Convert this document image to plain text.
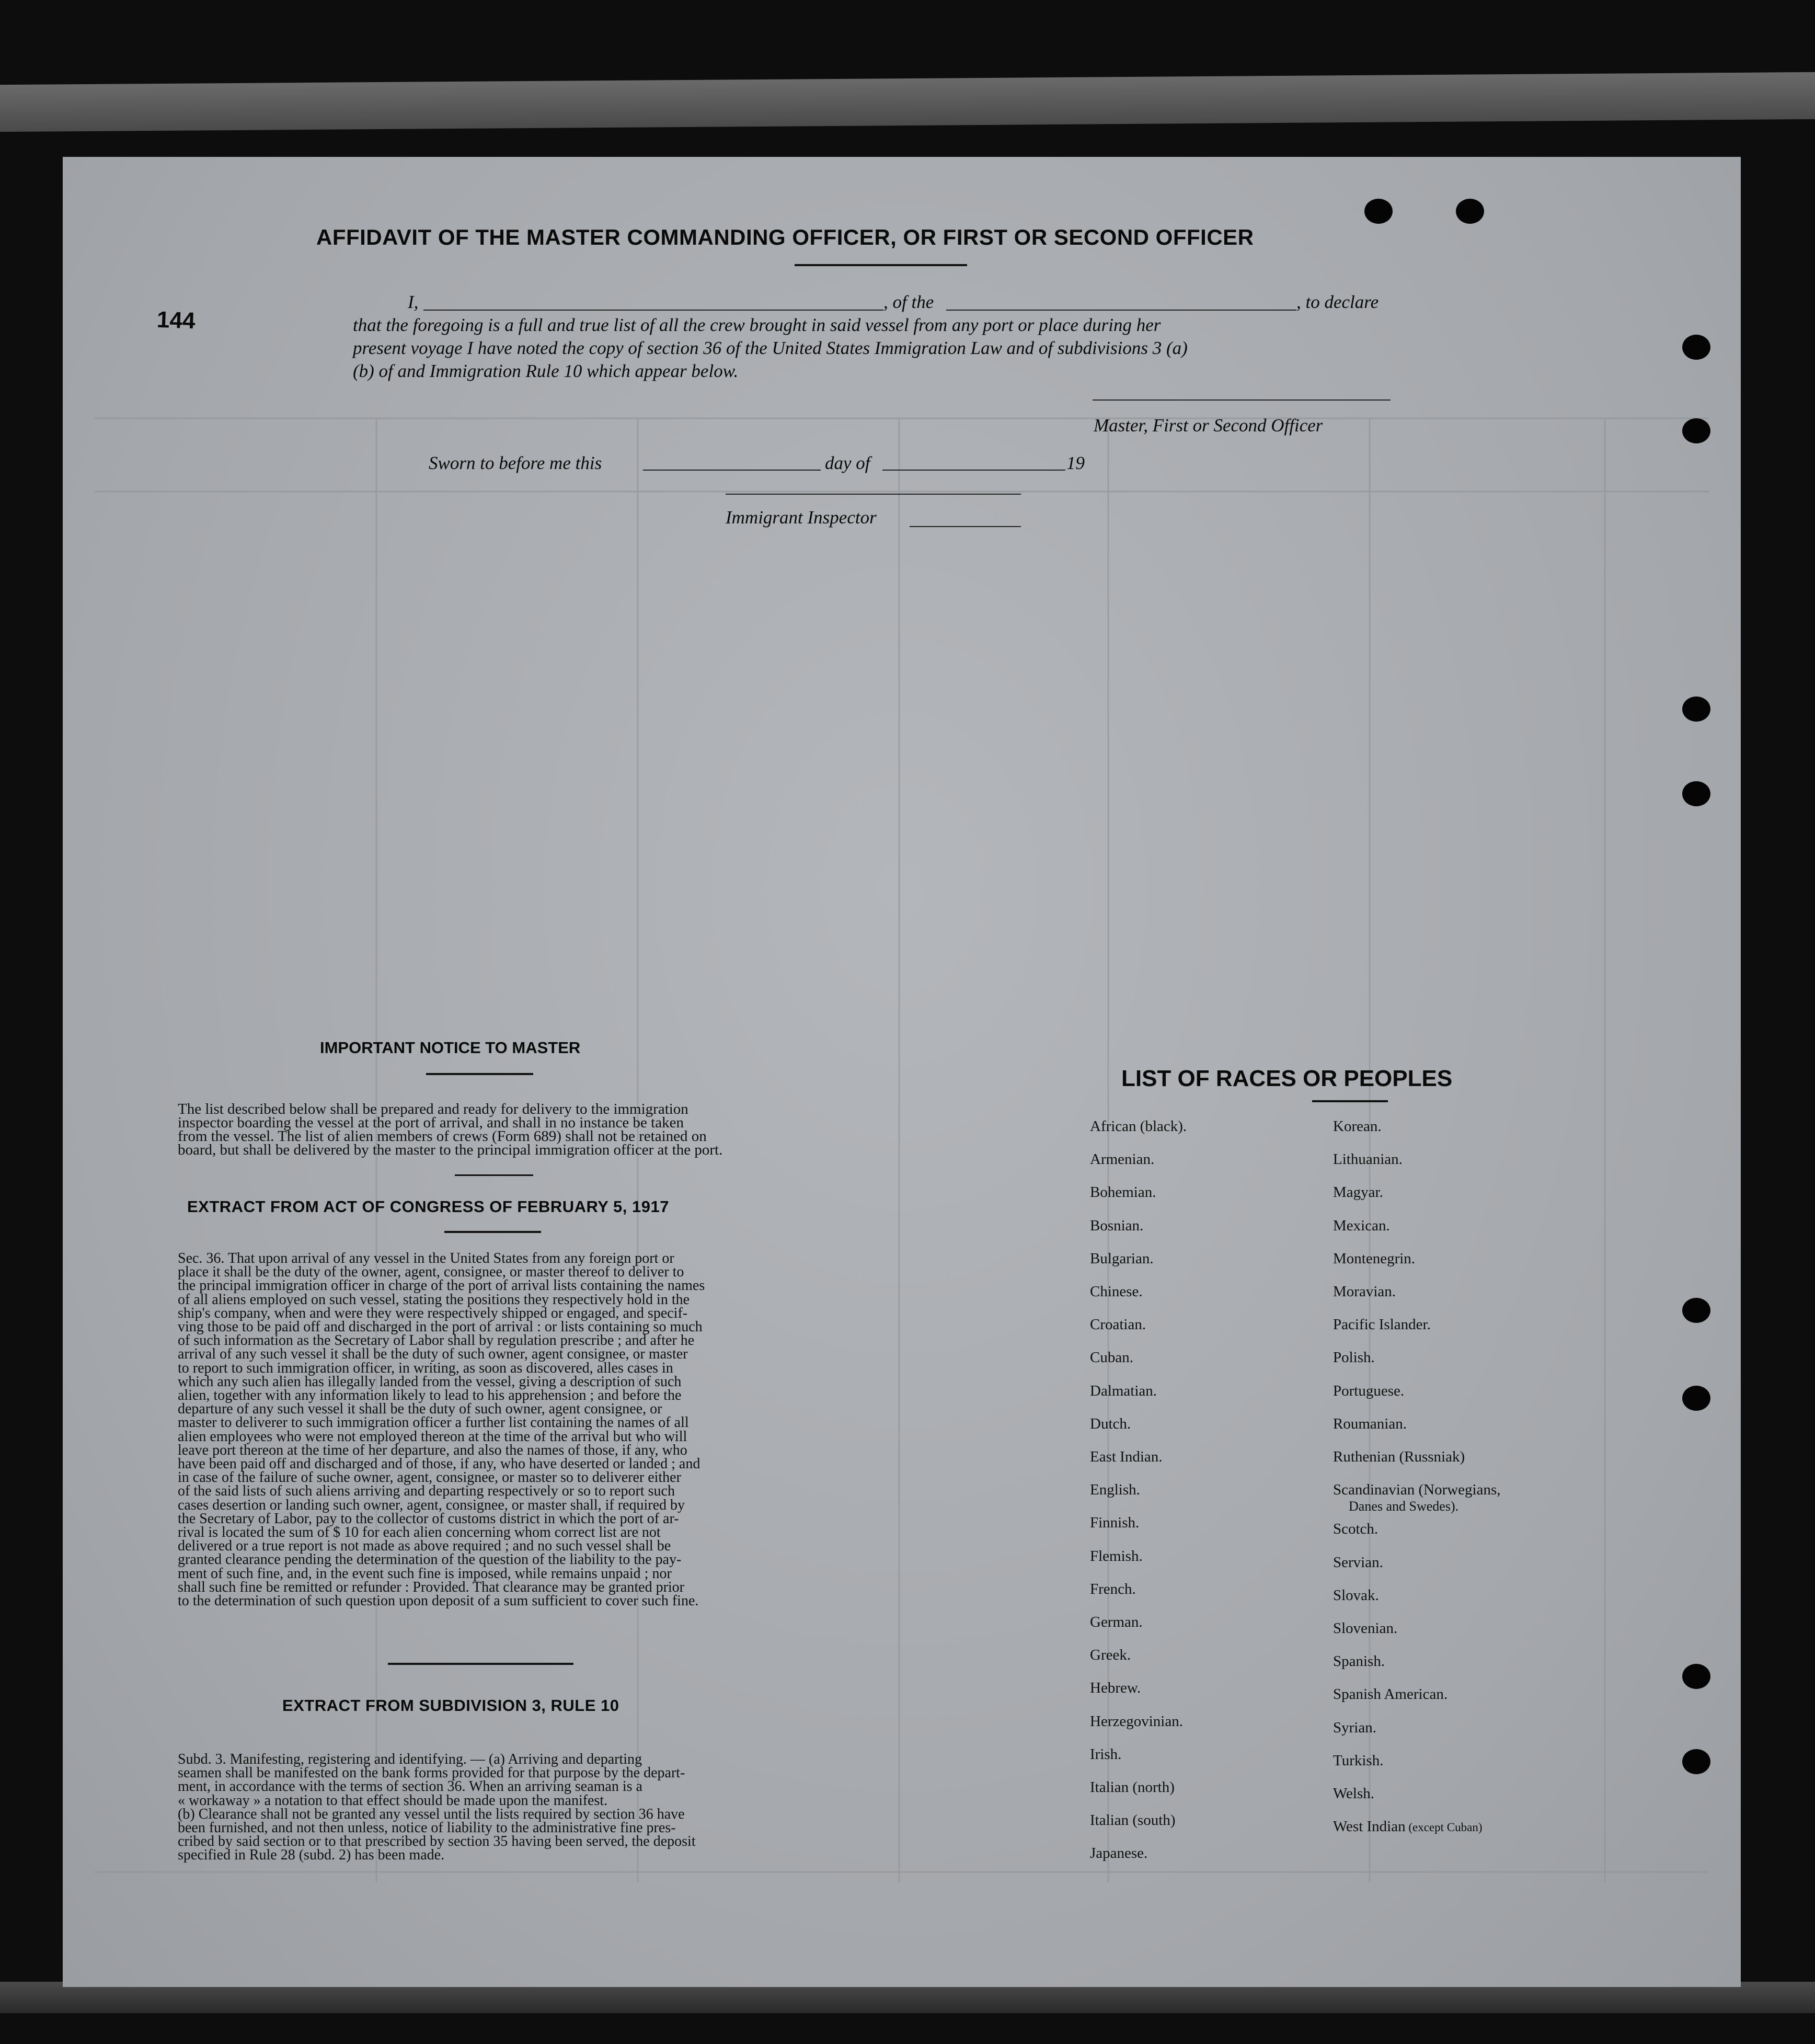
144
AFFIDAVIT OF THE MASTER COMMANDING OFFICER, OR FIRST OR SECOND OFFICER
I,	, of the	, to declare
that the foregoing is a full and true list of all the crew brought in said vessel from any port or place during her
present voyage I have noted the copy of section 36 of the United States Immigration Law and of subdivisions 3 (a)
(b) of and Immigration Rule 10 which appear below.
Master, First or Second Officer
Sworn to before me this	day of	19
Immigrant Inspector
IMPORTANT NOTICE TO MASTER
The list described below shall be prepared and ready for delivery to the immigration
inspector boarding the vessel at the port of arrival, and shall in no instance be taken
from the vessel. The list of alien members of crews (Form 689) shall not be retained on
board, but shall be delivered by the master to the principal immigration officer at the port.
EXTRACT FROM ACT OF CONGRESS OF FEBRUARY 5, 1917
Sec. 36. That upon arrival of any vessel in the United States from any foreign port or
place it shall be the duty of the owner, agent, consignee, or master thereof to deliver to
the principal immigration officer in charge of the port of arrival lists containing the names
of all aliens employed on such vessel, stating the positions they respectively hold in the
ship's company, when and were they were respectively shipped or engaged, and specif-
ving those to be paid off and discharged in the port of arrival : or lists containing so much
of such information as the Secretary of Labor shall by regulation prescribe ; and after he
arrival of any such vessel it shall be the duty of such owner, agent consignee, or master
to report to such immigration officer, in writing, as soon as discovered, alles cases in
which any such alien has illegally landed from the vessel, giving a description of such
alien, together with any information likely to lead to his apprehension ; and before the
departure of any such vessel it shall be the duty of such owner, agent consignee, or
master to deliverer to such immigration officer a further list containing the names of all
alien employees who were not employed thereon at the time of the arrival but who will
leave port thereon at the time of her departure, and also the names of those, if any, who
have been paid off and discharged and of those, if any, who have deserted or landed ; and
in case of the failure of suche owner, agent, consignee, or master so to deliverer either
of the said lists of such aliens arriving and departing respectively or so to report such
cases desertion or landing such owner, agent, consignee, or master shall, if required by
the Secretary of Labor, pay to the collector of customs district in which the port of ar-
rival is located the sum of $ 10 for each alien concerning whom correct list are not
delivered or a true report is not made as above required ; and no such vessel shall be
granted clearance pending the determination of the question of the liability to the pay-
ment of such fine, and, in the event such fine is imposed, while remains unpaid ; nor
shall such fine be remitted or refunder : Provided. That clearance may be granted prior
to the determination of such question upon deposit of a sum sufficient to cover such fine.
EXTRACT FROM SUBDIVISION 3, RULE 10
Subd. 3. Manifesting, registering and identifying. — (a) Arriving and departing
seamen shall be manifested on the bank forms provided for that purpose by the depart-
ment, in accordance with the terms of section 36. When an arriving seaman is a
« workaway » a notation to that effect should be made upon the manifest.
(b) Clearance shall not be granted any vessel until the lists required by section 36 have
been furnished, and not then unless, notice of liability to the administrative fine pres-
cribed by said section or to that prescribed by section 35 having been served, the deposit
specified in Rule 28 (subd. 2) has been made.
LIST OF RACES OR PEOPLES
African (black).
Armenian.
Bohemian.
Bosnian.
Bulgarian.
Chinese.
Croatian.
Cuban.
Dalmatian.
Dutch.
East Indian.
English.
Finnish.
Flemish.
French.
German.
Greek.
Hebrew.
Herzegovinian.
Irish.
Italian (north)
Italian (south)
Japanese.
Korean.
Lithuanian.
Magyar.
Mexican.
Montenegrin.
Moravian.
Pacific Islander.
Polish.
Portuguese.
Roumanian.
Ruthenian (Russniak)
Scandinavian (Norwegians,
Danes and Swedes).
Scotch.
Servian.
Slovak.
Slovenian.
Spanish.
Spanish American.
Syrian.
Turkish.
Welsh.
West Indian (except Cuban)
